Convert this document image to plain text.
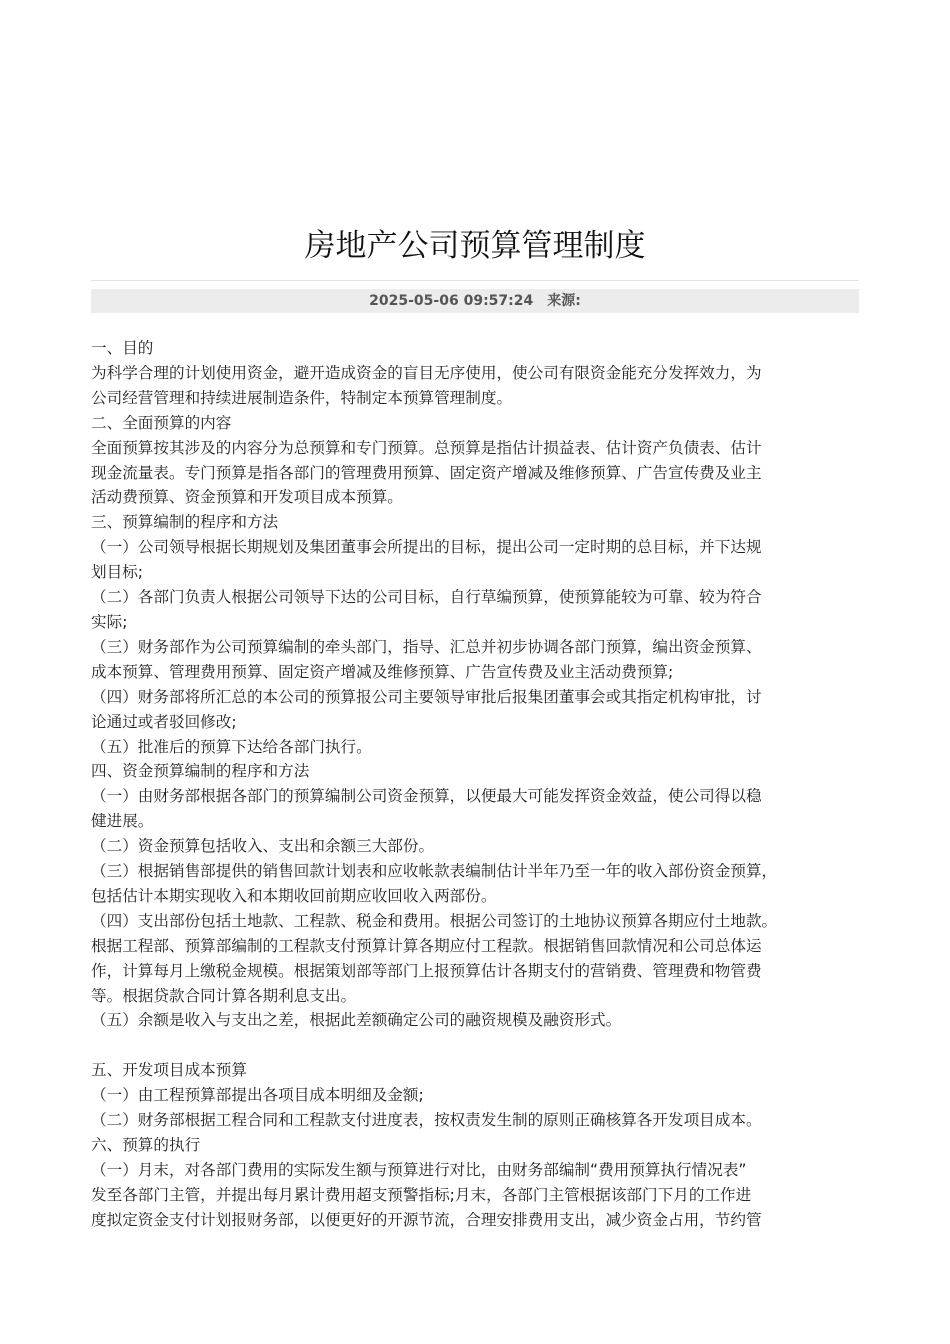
房地产公司预算管理制度
2025-05-06 09:57:24 来源:

一、目的

为科学合理的计划使用资金，避开造成资金的盲目无序使用，使公司有限资金能充分发挥效力，为

公司经营管理和持续进展制造条件，特制定本预算管理制度。

二、全面预算的内容

全面预算按其涉及的内容分为总预算和专门预算。总预算是指估计损益表、估计资产负债表、估计

现金流量表。专门预算是指各部门的管理费用预算、固定资产增减及维修预算、广告宣传费及业主

活动费预算、资金预算和开发项目成本预算。

三、预算编制的程序和方法

（一）公司领导根据长期规划及集团董事会所提出的目标，提出公司一定时期的总目标，并下达规

划目标;

（二）各部门负责人根据公司领导下达的公司目标，自行草编预算，使预算能较为可靠、较为符合

实际;

（三）财务部作为公司预算编制的牵头部门，指导、汇总并初步协调各部门预算，编出资金预算、

成本预算、管理费用预算、固定资产增减及维修预算、广告宣传费及业主活动费预算;

（四）财务部将所汇总的本公司的预算报公司主要领导审批后报集团董事会或其指定机构审批，讨

论通过或者驳回修改;

（五）批准后的预算下达给各部门执行。

四、资金预算编制的程序和方法

（一）由财务部根据各部门的预算编制公司资金预算，以便最大可能发挥资金效益，使公司得以稳

健进展。

（二）资金预算包括收入、支出和余额三大部份。

（三）根据销售部提供的销售回款计划表和应收帐款表编制估计半年乃至一年的收入部份资金预算，

包括估计本期实现收入和本期收回前期应收回收入两部份。

（四）支出部份包括土地款、工程款、税金和费用。根据公司签订的土地协议预算各期应付土地款。

根据工程部、预算部编制的工程款支付预算计算各期应付工程款。根据销售回款情况和公司总体运

作，计算每月上缴税金规模。根据策划部等部门上报预算估计各期支付的营销费、管理费和物管费

等。根据贷款合同计算各期利息支出。

（五）余额是收入与支出之差，根据此差额确定公司的融资规模及融资形式。

五、开发项目成本预算

（一）由工程预算部提出各项目成本明细及金额;

（二）财务部根据工程合同和工程款支付进度表，按权责发生制的原则正确核算各开发项目成本。

六、预算的执行

（一）月末，对各部门费用的实际发生额与预算进行对比，由财务部编制“费用预算执行情况表”

发至各部门主管，并提出每月累计费用超支预警指标;月末，各部门主管根据该部门下月的工作进

度拟定资金支付计划报财务部，以便更好的开源节流，合理安排费用支出，减少资金占用，节约管
